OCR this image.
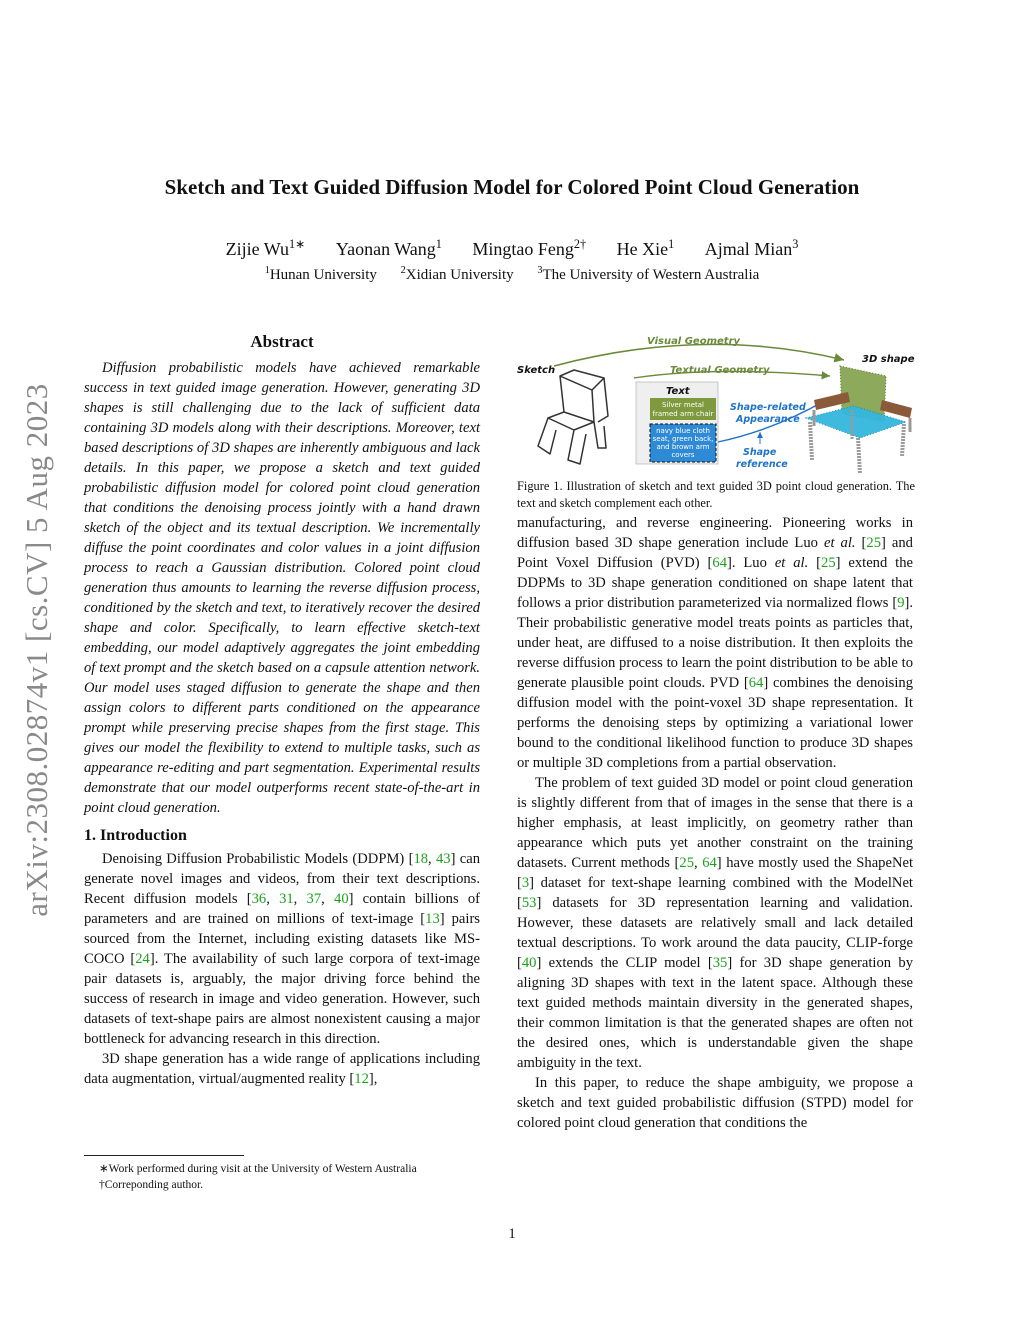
arXiv:2308.02874v1 [cs.CV] 5 Aug 2023
Sketch and Text Guided Diffusion Model for Colored Point Cloud Generation
Zijie $Wu^{1∗}$ Yaonan Wang$^1$ Mingtao Feng$^{2\dagger}$ He Xie$^1$ Ajmal Mian$^3$
$^1$Hunan University $^2$Xidian University $^3$The University of Western Australia
Abstract

Diffusion probabilistic models have achieved remarkable success in text guided image generation. However, generating 3D shapes is still challenging due to the lack of sufficient data containing 3D models along with their descriptions. Moreover, text based descriptions of 3D shapes are inherently ambiguous and lack details. In this paper, we propose a sketch and text guided probabilistic diffusion model for colored point cloud generation that conditions the denoising process jointly with a hand drawn sketch of the object and its textual description. We incrementally diffuse the point coordinates and color values in a joint diffusion process to reach a Gaussian distribution. Colored point cloud generation thus amounts to learning the reverse diffusion process, conditioned by the sketch and text, to iteratively recover the desired shape and color. Specifically, to learn effective sketch-text embedding, our model adaptively aggregates the joint embedding of text prompt and the sketch based on a capsule attention network. Our model uses staged diffusion to generate the shape and then assign colors to different parts conditioned on the appearance prompt while preserving precise shapes from the first stage. This gives our model the flexibility to extend to multiple tasks, such as appearance re-editing and part segmentation. Experimental results demonstrate that our model outperforms recent state-of-the-art in point cloud generation.

1. Introduction

Denoising Diffusion Probabilistic Models (DDPM) [18, 43] can generate novel images and videos, from their text descriptions. Recent diffusion models [36, 31, 37, 40] contain billions of parameters and are trained on millions of text-image [13] pairs sourced from the Internet, including existing datasets like MS-COCO [24]. The availability of such large corpora of text-image pair datasets is, arguably, the major driving force behind the success of research in image and video generation. However, such datasets of text-shape pairs are almost nonexistent causing a major bottleneck for advancing research in this direction.

3D shape generation has a wide range of applications including data augmentation, virtual/augmented reality [12],

∗Work performed during visit at the University of Western Australia
†Correponding author.
Visual Geometry
Textual Geometry
Sketch
3D shape
Text
Silver metal
framed arm chair
navy blue cloth
seat, green back,
and brown arm
covers
Shape-related
Appearance
Shape
reference
Figure 1. Illustration of sketch and text guided 3D point cloud generation. The text and sketch complement each other.

manufacturing, and reverse engineering. Pioneering works in diffusion based 3D shape generation include Luo et al. [25] and Point Voxel Diffusion (PVD) [64]. Luo et al. [25] extend the DDPMs to 3D shape generation conditioned on shape latent that follows a prior distribution parameterized via normalized flows [9]. Their probabilistic generative model treats points as particles that, under heat, are diffused to a noise distribution. It then exploits the reverse diffusion process to learn the point distribution to be able to generate plausible point clouds. PVD [64] combines the denoising diffusion model with the point-voxel 3D shape representation. It performs the denoising steps by optimizing a variational lower bound to the conditional likelihood function to produce 3D shapes or multiple 3D completions from a partial observation.

The problem of text guided 3D model or point cloud generation is slightly different from that of images in the sense that there is a higher emphasis, at least implicitly, on geometry rather than appearance which puts yet another constraint on the training datasets. Current methods [25, 64] have mostly used the ShapeNet [3] dataset for text-shape learning combined with the ModelNet [53] datasets for 3D representation learning and validation. However, these datasets are relatively small and lack detailed textual descriptions. To work around the data paucity, CLIP-forge [40] extends the CLIP model [35] for 3D shape generation by aligning 3D shapes with text in the latent space. Although these text guided methods maintain diversity in the generated shapes, their common limitation is that the generated shapes are often not the desired ones, which is understandable given the shape ambiguity in the text.

In this paper, to reduce the shape ambiguity, we propose a sketch and text guided probabilistic diffusion (STPD) model for colored point cloud generation that conditions the

1
